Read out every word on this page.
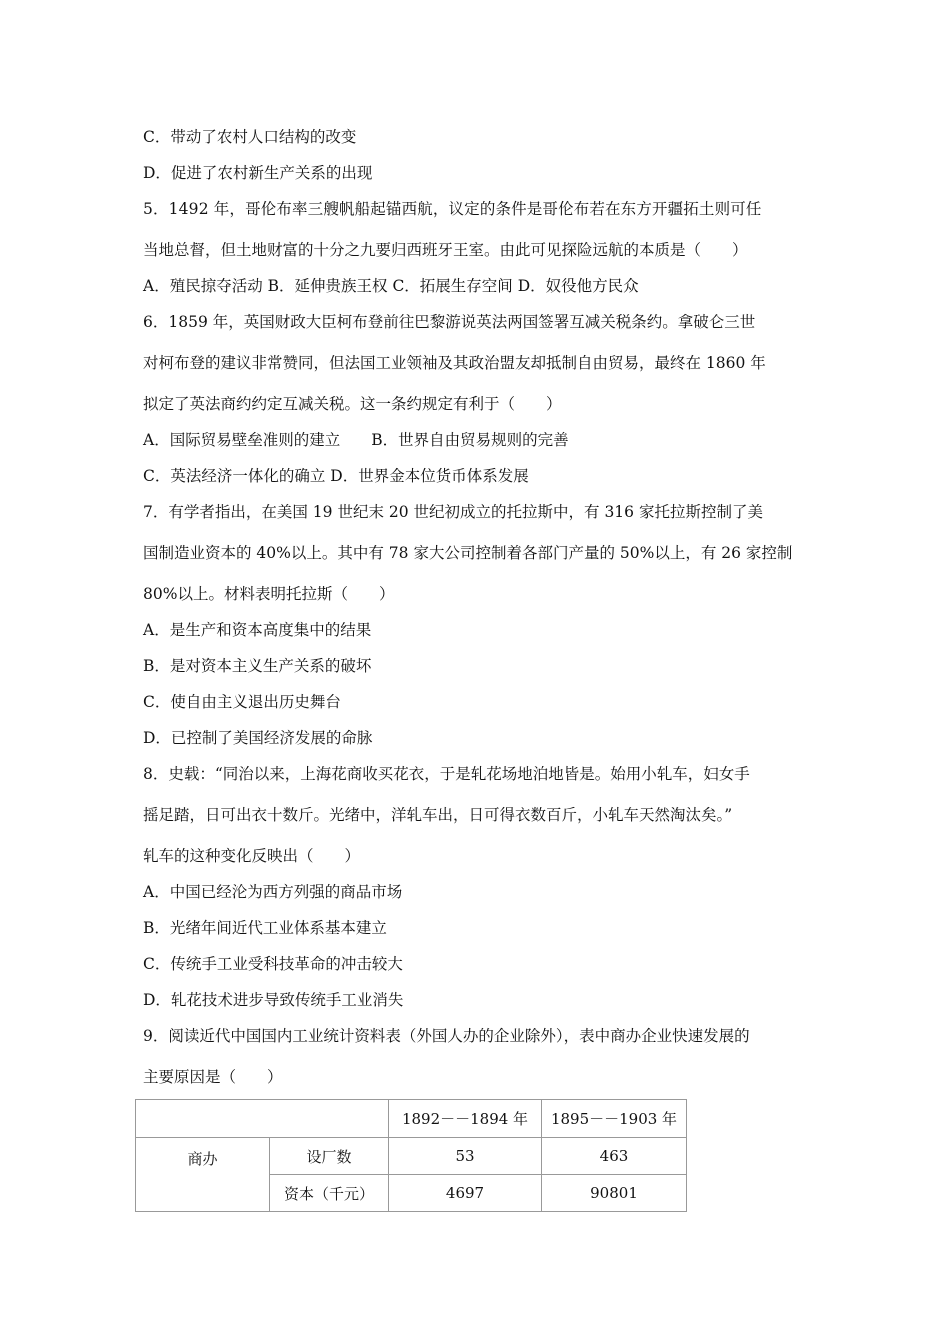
C．带动了农村人口结构的改变
D．促进了农村新生产关系的出现
5．1492 年，哥伦布率三艘帆船起锚西航，议定的条件是哥伦布若在东方开疆拓土则可任
当地总督，但土地财富的十分之九要归西班牙王室。由此可见探险远航的本质是（　　）
A．殖民掠夺活动 B．延伸贵族王权 C．拓展生存空间 D．奴役他方民众
6．1859 年，英国财政大臣柯布登前往巴黎游说英法两国签署互减关税条约。拿破仑三世
对柯布登的建议非常赞同，但法国工业领袖及其政治盟友却抵制自由贸易，最终在 1860 年
拟定了英法商约约定互减关税。这一条约规定有利于（　　）
A．国际贸易壁垒准则的建立　　B．世界自由贸易规则的完善
C．英法经济一体化的确立 D．世界金本位货币体系发展
7．有学者指出，在美国 19 世纪末 20 世纪初成立的托拉斯中，有 316 家托拉斯控制了美
国制造业资本的 40%以上。其中有 78 家大公司控制着各部门产量的 50%以上，有 26 家控制
80%以上。材料表明托拉斯（　　）
A．是生产和资本高度集中的结果
B．是对资本主义生产关系的破坏
C．使自由主义退出历史舞台
D．已控制了美国经济发展的命脉
8．史载：“同治以来，上海花商收买花衣，于是轧花场地泊地皆是。始用小轧车，妇女手
摇足踏，日可出衣十数斤。光绪中，洋轧车出，日可得衣数百斤，小轧车天然淘汰矣。”
轧车的这种变化反映出（　　）
A．中国已经沦为西方列强的商品市场
B．光绪年间近代工业体系基本建立
C．传统手工业受科技革命的冲击较大
D．轧花技术进步导致传统手工业消失
9．阅读近代中国国内工业统计资料表（外国人办的企业除外），表中商办企业快速发展的
主要原因是（　　）
		1892－－1894 年	1895－－1903 年
商办	设厂数	53	463
	资本（千元）	4697	90801
